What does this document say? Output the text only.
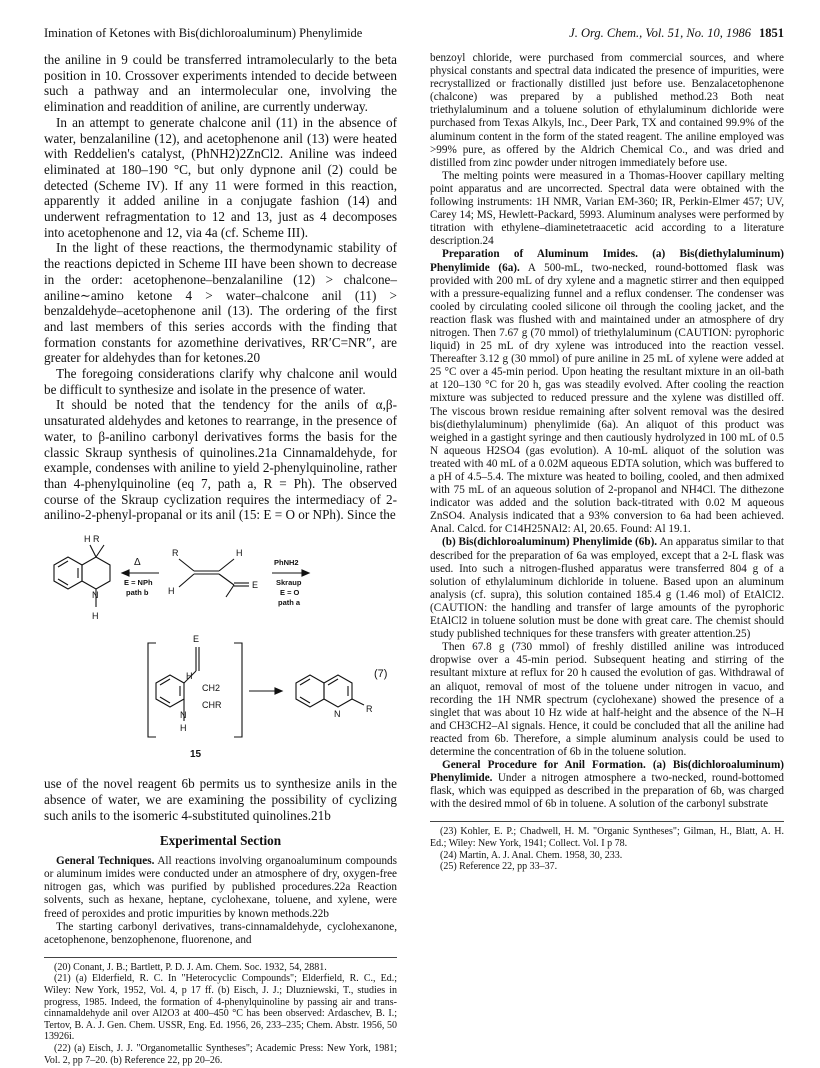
Imination of Ketones with Bis(dichloroaluminum) Phenylimide	J. Org. Chem., Vol. 51, No. 10, 1986 1851

the aniline in 9 could be transferred intramolecularly to the beta position in 10. Crossover experiments intended to decide between such a pathway and an intermolecular one, involving the elimination and readdition of aniline, are currently underway.

In an attempt to generate chalcone anil (11) in the absence of water, benzalaniline (12), and acetophenone anil (13) were heated with Reddelien's catalyst, (PhNH2)2ZnCl2. Aniline was indeed eliminated at 180–190 °C, but only dypnone anil (2) could be detected (Scheme IV). If any 11 were formed in this reaction, apparently it added aniline in a conjugate fashion (14) and underwent refragmentation to 12 and 13, just as 4 decomposes into acetophenone and 12, via 4a (cf. Scheme III).

In the light of these reactions, the thermodynamic stability of the reactions depicted in Scheme III have been shown to decrease in the order: acetophenone–benzalaniline (12) > chalcone–aniline∼amino ketone 4 > water–chalcone anil (11) > benzaldehyde–acetophenone anil (13). The ordering of the first and last members of this series accords with the finding that formation constants for azomethine derivatives, RR′C=NR″, are greater for aldehydes than for ketones.20

The foregoing considerations clarify why chalcone anil would be difficult to synthesize and isolate in the presence of water.

It should be noted that the tendency for the anils of α,β-unsaturated aldehydes and ketones to rearrange, in the presence of water, to β-anilino carbonyl derivatives forms the basis for the classic Skraup synthesis of quinolines.21a Cinnamaldehyde, for example, condenses with aniline to yield 2-phenylquinoline, rather than 4-phenylquinoline (eq 7, path a, R = Ph). The observed course of the Skraup cyclization requires the intermediacy of 2-anilino-2-phenyl-propanal or its anil (15: E = O or NPh). Since the

H R
N
H
Δ
E = NPh
path b
R
H
H
E
PhNH2
Skraup
E = O
path a
E
H
CH2
CHR
N
H
15
N	R
(7)

use of the novel reagent 6b permits us to synthesize anils in the absence of water, we are examining the possibility of cyclizing such anils to the isomeric 4-substituted quinolines.21b

Experimental Section

General Techniques. All reactions involving organoaluminum compounds or aluminum imides were conducted under an atmosphere of dry, oxygen-free nitrogen gas, which was purified by published procedures.22a Reaction solvents, such as hexane, heptane, cyclohexane, toluene, and xylene, were freed of peroxides and protic impurities by known methods.22b

The starting carbonyl derivatives, trans-cinnamaldehyde, cyclohexanone, acetophenone, benzophenone, fluorenone, and

(20) Conant, J. B.; Bartlett, P. D. J. Am. Chem. Soc. 1932, 54, 2881.

(21) (a) Elderfield, R. C. In "Heterocyclic Compounds"; Elderfield, R. C., Ed.; Wiley: New York, 1952, Vol. 4, p 17 ff. (b) Eisch, J. J.; Dluzniewski, T., studies in progress, 1985. Indeed, the formation of 4-phenylquinoline by passing air and trans-cinnamaldehyde anil over Al2O3 at 400–450 °C has been observed: Ardaschev, B. I.; Tertov, B. A. J. Gen. Chem. USSR, Eng. Ed. 1956, 26, 233–235; Chem. Abstr. 1956, 50 13926i.

(22) (a) Eisch, J. J. "Organometallic Syntheses"; Academic Press: New York, 1981; Vol. 2, pp 7–20. (b) Reference 22, pp 20–26.

benzoyl chloride, were purchased from commercial sources, and where physical constants and spectral data indicated the presence of impurities, were recrystallized or fractionally distilled just before use. Benzalacetophenone (chalcone) was prepared by a published method.23 Both neat triethylaluminum and a toluene solution of ethylaluminum dichloride were purchased from Texas Alkyls, Inc., Deer Park, TX and contained 99.9% of the aluminum content in the form of the stated reagent. The aniline employed was >99% pure, as offered by the Aldrich Chemical Co., and was dried and distilled from zinc powder under nitrogen immediately before use.

The melting points were measured in a Thomas-Hoover capillary melting point apparatus and are uncorrected. Spectral data were obtained with the following instruments: 1H NMR, Varian EM-360; IR, Perkin-Elmer 457; UV, Carey 14; MS, Hewlett-Packard, 5993. Aluminum analyses were performed by titration with ethylene–diaminetetraacetic acid according to a literature description.24

Preparation of Aluminum Imides. (a) Bis(diethylaluminum) Phenylimide (6a). A 500-mL, two-necked, round-bottomed flask was provided with 200 mL of dry xylene and a magnetic stirrer and then equipped with a pressure-equalizing funnel and a reflux condenser. The condenser was cooled by circulating cooled silicone oil through the cooling jacket, and the reaction flask was flushed with and maintained under an atmosphere of dry nitrogen. Then 7.67 g (70 mmol) of triethylaluminum (CAUTION: pyrophoric liquid) in 25 mL of dry xylene was introduced into the reaction vessel. Thereafter 3.12 g (30 mmol) of pure aniline in 25 mL of xylene were added at 25 °C over a 45-min period. Upon heating the resultant mixture in an oil-bath at 120–130 °C for 20 h, gas was steadily evolved. After cooling the reaction mixture was subjected to reduced pressure and the xylene was distilled off. The viscous brown residue remaining after solvent removal was the desired bis(diethylaluminum) phenylimide (6a). An aliquot of this product was weighed in a gastight syringe and then cautiously hydrolyzed in 100 mL of 0.5 N aqueous H2SO4 (gas evolution). A 10-mL aliquot of the solution was treated with 40 mL of a 0.02M aqueous EDTA solution, which was buffered to a pH of 4.5–5.4. The mixture was heated to boiling, cooled, and then admixed with 75 mL of an aqueous solution of 2-propanol and NH4Cl. The dithezone indicator was added and the solution back-titrated with 0.02 M aqueous ZnSO4. Analysis indicated that a 93% conversion to 6a had been achieved. Anal. Calcd. for C14H25NAl2: Al, 20.65. Found: Al 19.1.

(b) Bis(dichloroaluminum) Phenylimide (6b). An apparatus similar to that described for the preparation of 6a was employed, except that a 2-L flask was used. Into such a nitrogen-flushed apparatus were transferred 804 g of a solution of ethylaluminum dichloride in toluene. Based upon an aluminum analysis (cf. supra), this solution contained 185.4 g (1.46 mol) of EtAlCl2. (CAUTION: the handling and transfer of large amounts of the pyrophoric EtAlCl2 in toluene solution must be done with great care. The chemist should study published techniques for these transfers with greater attention.25)

Then 67.8 g (730 mmol) of freshly distilled aniline was introduced dropwise over a 45-min period. Subsequent heating and stirring of the resultant mixture at reflux for 20 h caused the evolution of gas. Withdrawal of an aliquot, removal of most of the toluene under nitrogen in vacuo, and recording the 1H NMR spectrum (cyclohexane) showed the presence of a singlet that was about 10 Hz wide at half-height and the absence of the N–H and CH3CH2–Al signals. Hence, it could be concluded that all the aniline had reacted from 6b. Therefore, a simple aluminum analysis could be used to determine the concentration of 6b in the toluene solution.

General Procedure for Anil Formation. (a) Bis(dichloroaluminum) Phenylimide. Under a nitrogen atmosphere a two-necked, round-bottomed flask, which was equipped as described in the preparation of 6b, was charged with the desired mmol of 6b in toluene. A solution of the carbonyl substrate

(23) Kohler, E. P.; Chadwell, H. M. "Organic Syntheses"; Gilman, H., Blatt, A. H. Ed.; Wiley: New York, 1941; Collect. Vol. I p 78.

(24) Martin, A. J. Anal. Chem. 1958, 30, 233.

(25) Reference 22, pp 33–37.
